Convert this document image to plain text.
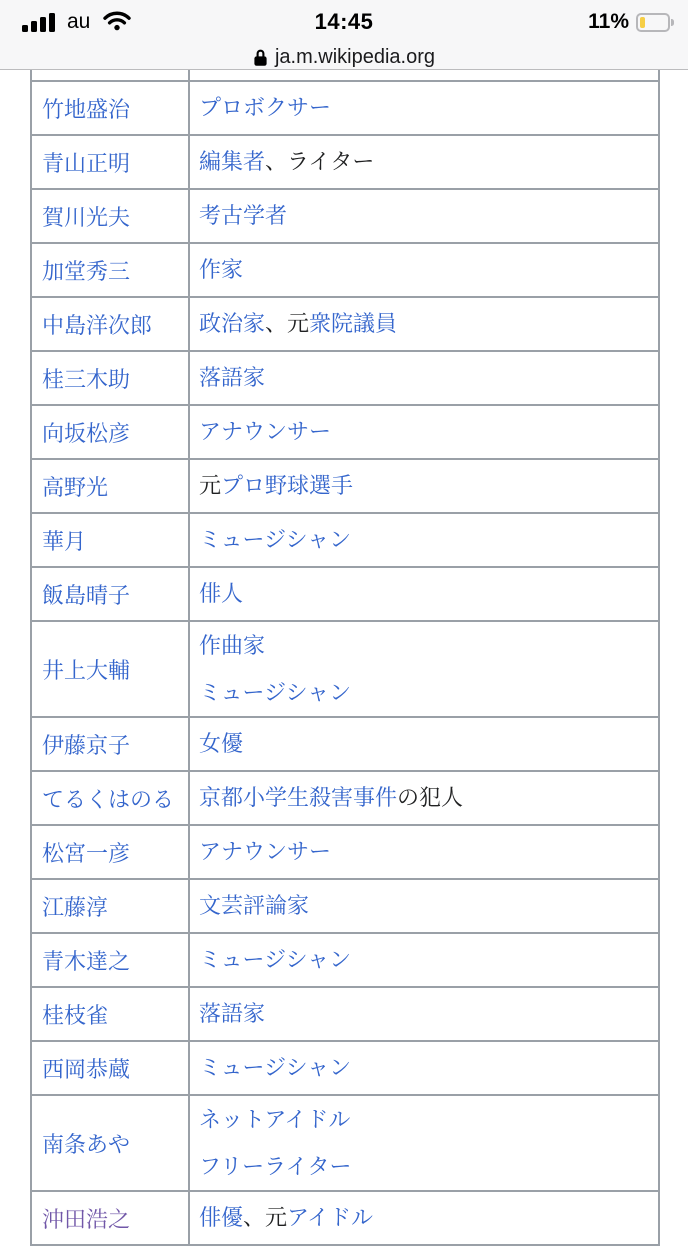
au	14:45	11%
ja.m.wikipedia.org

竹地盛治	プロボクサー

青山正明	編集者、ライター

賀川光夫	考古学者

加堂秀三	作家

中島洋次郎	政治家、元衆院議員

桂三木助	落語家

向坂松彦	アナウンサー

高野光	元プロ野球選手

華月	ミュージシャン

飯島晴子	俳人

井上大輔	作曲家

ミュージシャン

伊藤京子	女優

てるくはのる	京都小学生殺害事件の犯人

松宮一彦	アナウンサー

江藤淳	文芸評論家

青木達之	ミュージシャン

桂枝雀	落語家

西岡恭蔵	ミュージシャン

南条あや	ネットアイドル

フリーライター

沖田浩之	俳優、元アイドル
